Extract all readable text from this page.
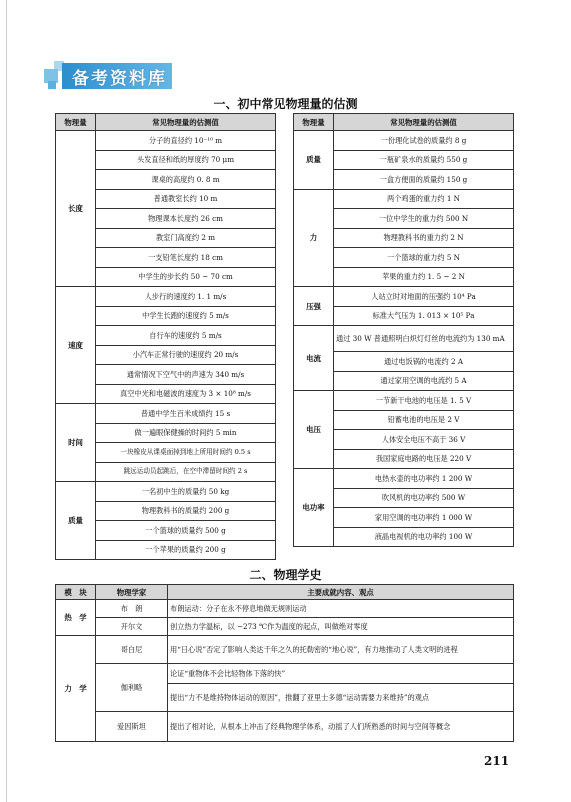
备考资料库
一、初中常见物理量的估测
物理量	常见物理量的估测值
长度	分子的直径约 10⁻¹⁰ m
	头发直径和纸的厚度约 70 μm
	课桌的高度约 0. 8 m
	普通教室长约 10 m
	物理课本长度约 26 cm
	教室门高度约 2 m
	一支铅笔长度约 18 cm
	中学生的步长约 50 ~ 70 cm
速度	人步行的速度约 1. 1 m/s
	中学生长跑的速度约 5 m/s
	自行车的速度约 5 m/s
	小汽车正常行驶的速度约 20 m/s
	通常情况下空气中的声速为 340 m/s
	真空中光和电磁波的速度为 3 × 10⁸ m/s
时间	普通中学生百米成绩约 15 s
	做一遍眼保健操的时间约 5 min
	一块橡皮从课桌面掉到地上所用时间约 0.5 s
	跳远运动员起跳后，在空中滞留时间约 2 s
质量	一名初中生的质量约 50 kg
	物理教科书的质量约 200 g
	一个篮球的质量约 500 g
	一个苹果的质量约 200 g
物理量	常见物理量的估测值
质量	一份理化试卷的质量约 8 g
	一瓶矿泉水的质量约 550 g
	一盒方便面的质量约 150 g
力	两个鸡蛋的重力约 1 N
	一位中学生的重力约 500 N
	物理教科书的重力约 2 N
	一个篮球的重力约 5 N
	苹果的重力约 1. 5 ~ 2 N
压强	人站立时对地面的压强约 10⁴ Pa
	标准大气压为 1. 013 × 10⁵ Pa
电流	通过 30 W 普通照明白炽灯灯丝的电流约为 130 mA
	通过电饭锅的电流约 2 A
	通过家用空调的电流约 5 A
电压	一节新干电池的电压是 1. 5 V
	铅蓄电池的电压是 2 V
	人体安全电压不高于 36 V
	我国家庭电路的电压是 220 V
电功率	电热水壶的电功率约 1 200 W
	吹风机的电功率约 500 W
	家用空调的电功率约 1 000 W
	液晶电视机的电功率约 100 W
二、物理学史
模　块	物理学家	主要成就内容、观点
热　学	布　朗	布朗运动：分子在永不停息地做无规则运动
	开尔文	创立热力学温标，以 −273 ℃作为温度的起点，叫做绝对零度
力　学	哥白尼	用“日心说”否定了影响人类达千年之久的托勒密的“地心说”，有力地推动了人类文明的进程
	伽利略	论证“重物体不会比轻物体下落的快”
		提出“力不是维持物体运动的原因”，推翻了亚里士多德“运动需要力来维持”的观点
	爱因斯坦	提出了相对论，从根本上冲击了经典物理学体系，动摇了人们所熟悉的时间与空间等概念
211
